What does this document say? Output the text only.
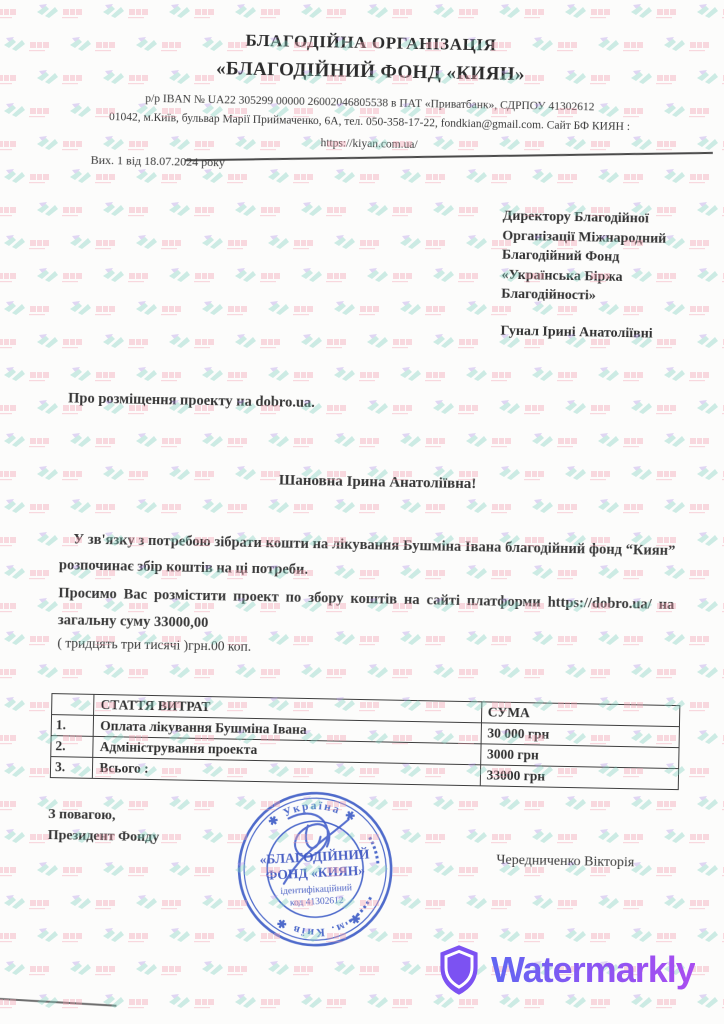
БЛАГОДІЙНА ОРГАНІЗАЦІЯ
«БЛАГОДІЙНИЙ ФОНД «КИЯН»
р/р IBAN № UA22 305299 00000 26002046805538 в ПАТ «Приватбанк», СДРПОУ 41302612
01042, м.Київ, бульвар Марії Приймаченко, 6А, тел. 050-358-17-22, fondkian@gmail.com. Сайт БФ КИЯН :
https://kiyan.com.ua/
Вих. 1 від 18.07.2024 року
Директору Благодійної
Організації Міжнародний
Благодійний Фонд
«Українська Біржа
Благодійності»
Гунал Ірині Анатоліївні
Про розміщення проекту на dobro.ua.
Шановна Ірина Анатоліївна!
У зв'язку з потребою зібрати кошти на лікування Бушміна Івана благодійний фонд “Киян” розпочинає збір коштів на ці потреби.
Просимо Вас розмістити проект по збору коштів на сайті платформи https://dobro.ua/ на загальну суму 33000,00
( тридцять три тисячі )грн.00 коп.
	СТАТТЯ ВИТРАТ	СУМА
1.	Оплата лікування Бушміна Івана	30 000 грн
2.	Адміністрування проекта	3000 грн
3.	Всього :	33000 грн
З повагою,
Президент Фонду
✱ Україна ✱
✱ м. Київ ✱
«БЛАГОДІЙНИЙ
ФОНД «КИЯН»
ідентифікаційний
код 41302612
Чередниченко Вікторія
Watermarkly
